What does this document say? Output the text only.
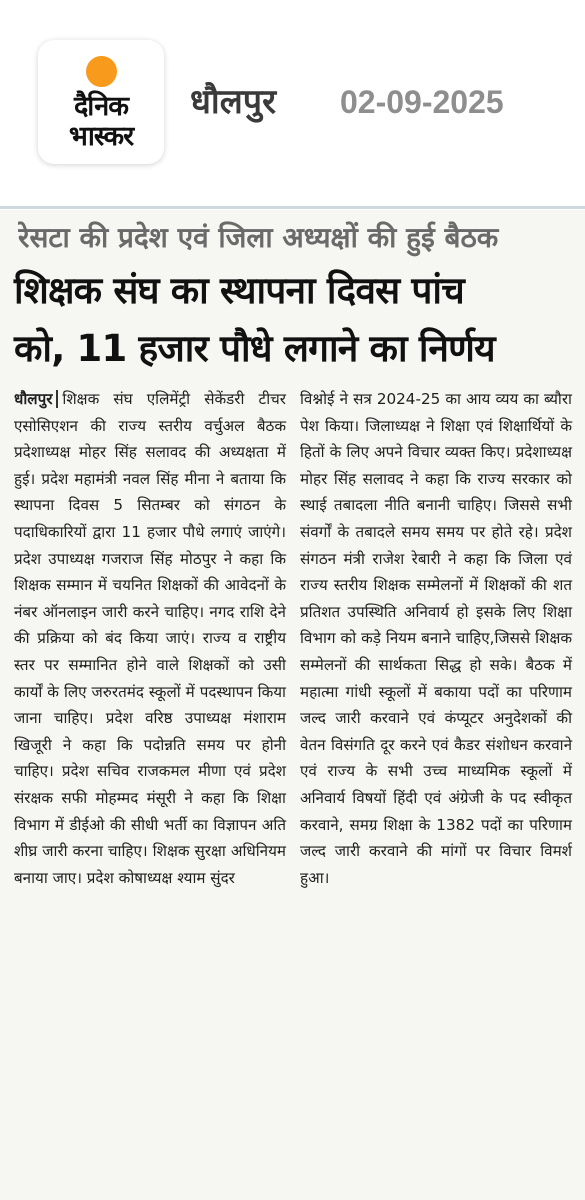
दैनिक
भास्कर
धौलपुर 02-09-2025
रेसटा की प्रदेश एवं जिला अध्यक्षों की हुई बैठक
शिक्षक संघ का स्थापना दिवस पांच
को, 11 हजार पौधे लगाने का निर्णय
धौलपुर शिक्षक संघ एलिमेंट्री सेकेंडरी टीचर एसोसिएशन की राज्य स्तरीय वर्चुअल बैठक प्रदेशाध्यक्ष मोहर सिंह सलावद की अध्यक्षता में हुई। प्रदेश महामंत्री नवल सिंह मीना ने बताया कि स्थापना दिवस 5 सितम्बर को संगठन के पदाधिकारियों द्वारा 11 हजार पौधे लगाएं जाएंगे। प्रदेश उपाध्यक्ष गजराज सिंह मोठपुर ने कहा कि शिक्षक सम्मान में चयनित शिक्षकों की आवेदनों के नंबर ऑनलाइन जारी करने चाहिए। नगद राशि देने की प्रक्रिया को बंद किया जाएं। राज्य व राष्ट्रीय स्तर पर सम्मानित होने वाले शिक्षकों को उसी कार्यों के लिए जरुरतमंद स्कूलों में पदस्थापन किया जाना चाहिए। प्रदेश वरिष्ठ उपाध्यक्ष मंशाराम खिजूरी ने कहा कि पदोन्नति समय पर होनी चाहिए। प्रदेश सचिव राजकमल मीणा एवं प्रदेश संरक्षक सफी मोहम्मद मंसूरी ने कहा कि शिक्षा विभाग में डीईओ की सीधी भर्ती का विज्ञापन अति शीघ्र जारी करना चाहिए। शिक्षक सुरक्षा अधिनियम बनाया जाए। प्रदेश कोषाध्यक्ष श्याम सुंदर
विश्नोई ने सत्र 2024-25 का आय व्यय का ब्यौरा पेश किया। जिलाध्यक्ष ने शिक्षा एवं शिक्षार्थियों के हितों के लिए अपने विचार व्यक्त किए। प्रदेशाध्यक्ष मोहर सिंह सलावद ने कहा कि राज्य सरकार को स्थाई तबादला नीति बनानी चाहिए। जिससे सभी संवर्गों के तबादले समय समय पर होते रहे। प्रदेश संगठन मंत्री राजेश रेबारी ने कहा कि जिला एवं राज्य स्तरीय शिक्षक सम्मेलनों में शिक्षकों की शत प्रतिशत उपस्थिति अनिवार्य हो इसके लिए शिक्षा विभाग को कड़े नियम बनाने चाहिए,जिससे शिक्षक सम्मेलनों की सार्थकता सिद्ध हो सके। बैठक में महात्मा गांधी स्कूलों में बकाया पदों का परिणाम जल्द जारी करवाने एवं कंप्यूटर अनुदेशकों की वेतन विसंगति दूर करने एवं कैडर संशोधन करवाने एवं राज्य के सभी उच्च माध्यमिक स्कूलों में अनिवार्य विषयों हिंदी एवं अंग्रेजी के पद स्वीकृत करवाने, समग्र शिक्षा के 1382 पदों का परिणाम जल्द जारी करवाने की मांगों पर विचार विमर्श हुआ।
